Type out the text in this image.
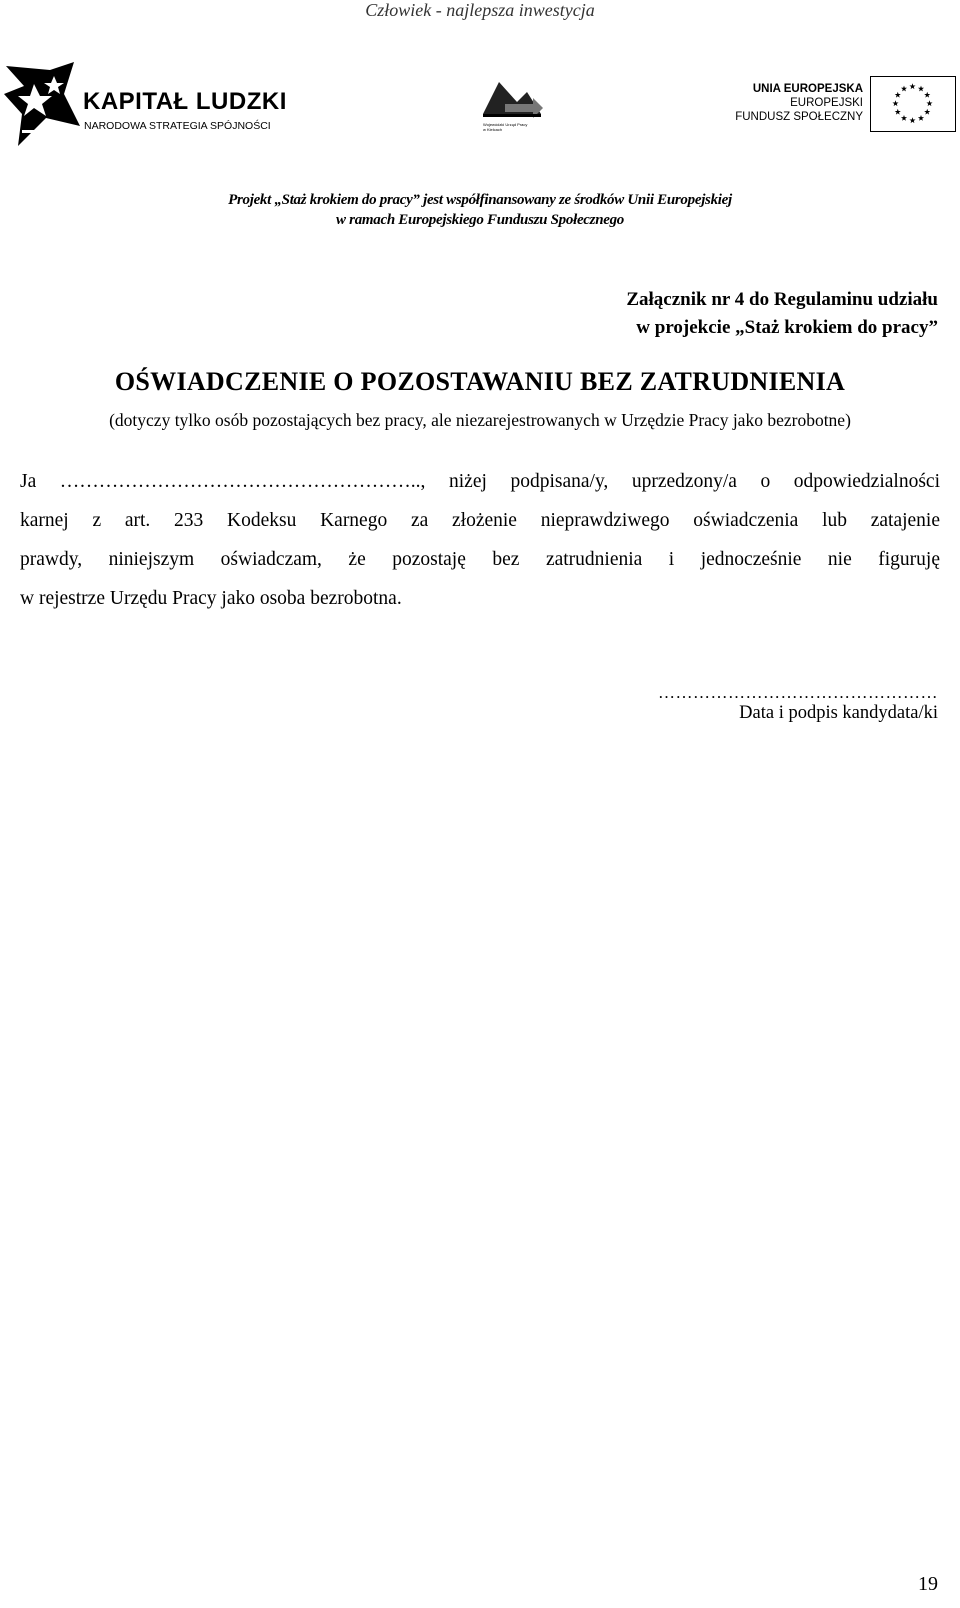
Człowiek - najlepsza inwestycja
KAPITAŁ LUDZKI
NARODOWA STRATEGIA SPÓJNOŚCI	Wojewódzki Urząd Pracy
w Kielcach
UNIA EUROPEJSKA
EUROPEJSKI
FUNDUSZ SPOŁECZNY
Projekt „Staż krokiem do pracy” jest współfinansowany ze środków Unii Europejskiej
w ramach Europejskiego Funduszu Społecznego
Załącznik nr 4 do Regulaminu udziału
w projekcie „Staż krokiem do pracy”
OŚWIADCZENIE O POZOSTAWANIU BEZ ZATRUDNIENIA
(dotyczy tylko osób pozostających bez pracy, ale niezarejestrowanych w Urzędzie Pracy jako bezrobotne)
Ja ……………………………………………….., niżej podpisana/y, uprzedzony/a o odpowiedzialności
karnej z art. 233 Kodeksu Karnego za złożenie nieprawdziwego oświadczenia lub zatajenie
prawdy, niniejszym oświadczam, że pozostaję bez zatrudnienia i jednocześnie nie figuruję
w rejestrze Urzędu Pracy jako osoba bezrobotna.
…………………………………………
Data i podpis kandydata/ki
19
